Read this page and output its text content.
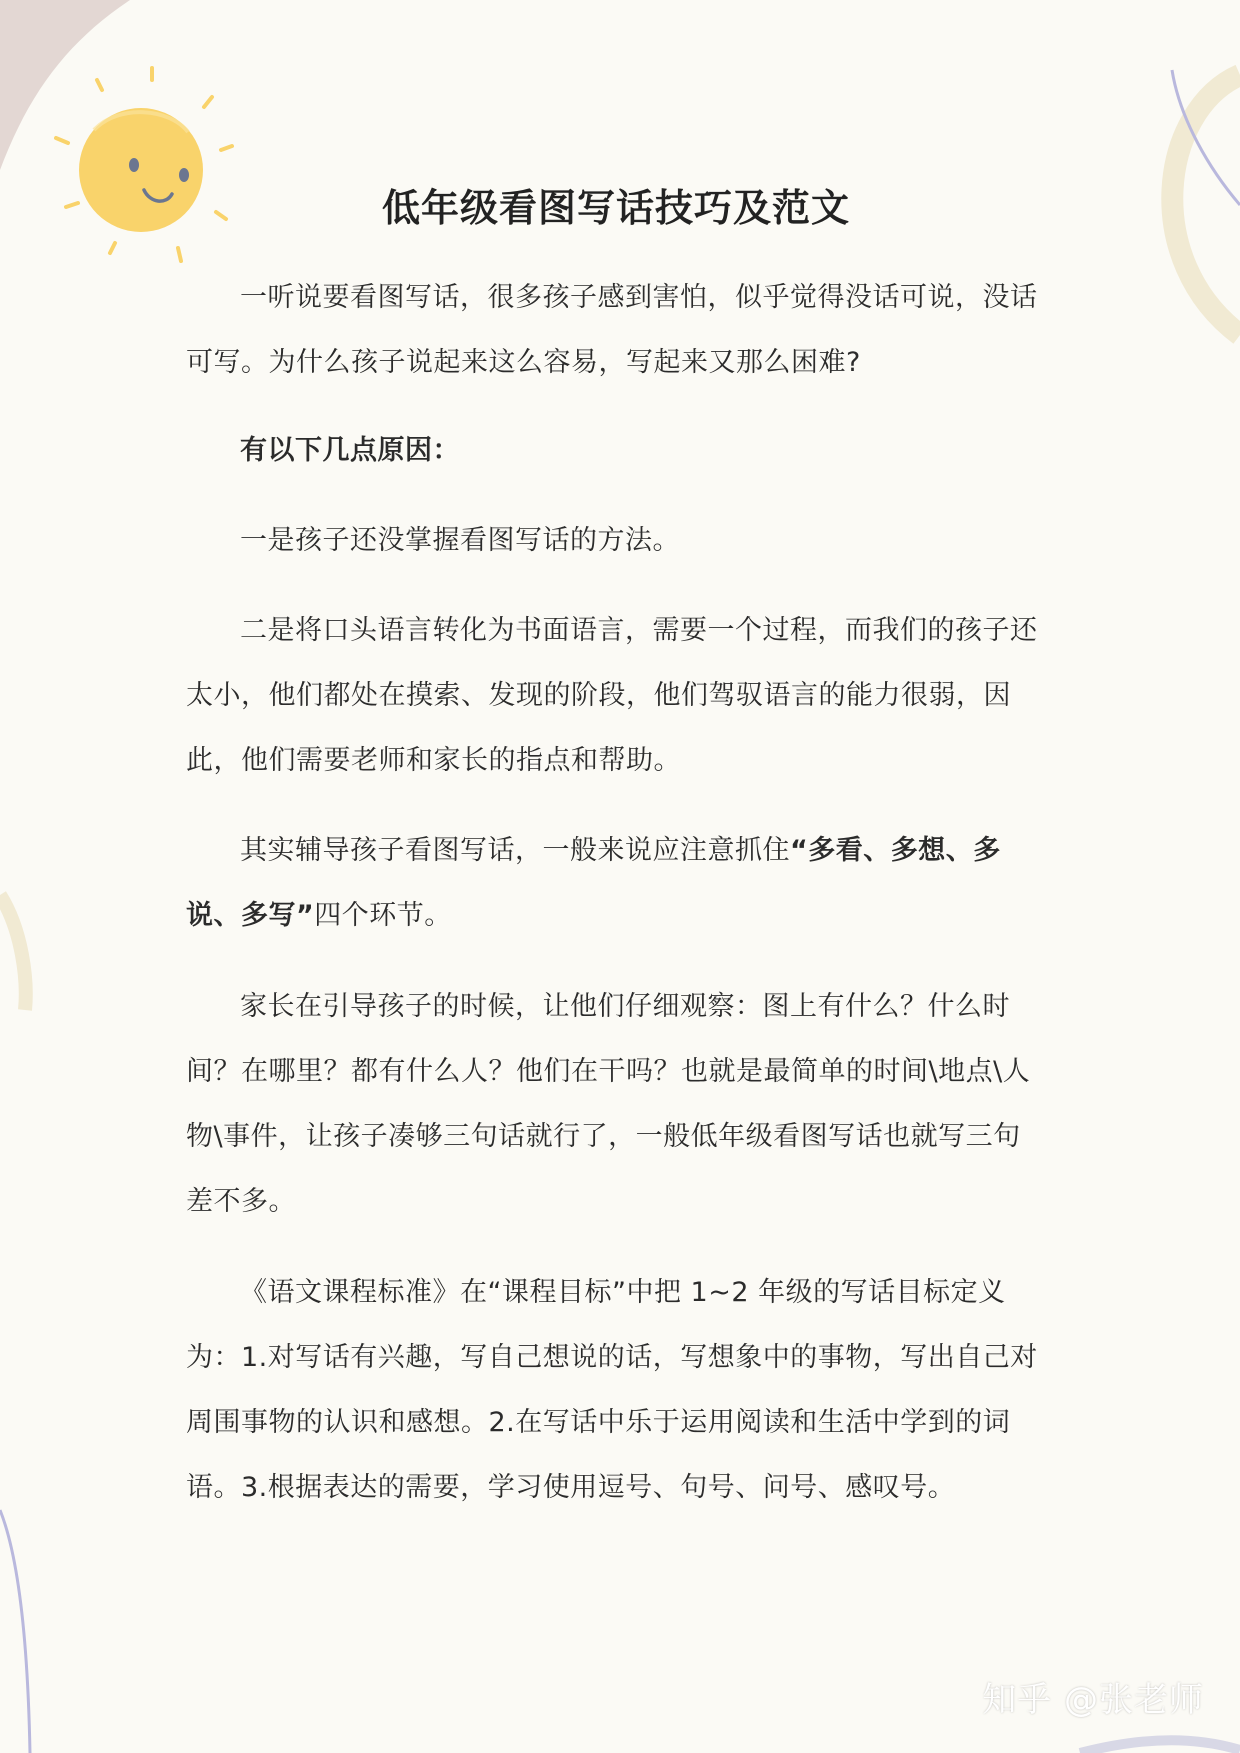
低年级看图写话技巧及范文

一听说要看图写话，很多孩子感到害怕，似乎觉得没话可说，没话可写。为什么孩子说起来这么容易，写起来又那么困难?

有以下几点原因：

一是孩子还没掌握看图写话的方法。

二是将口头语言转化为书面语言，需要一个过程，而我们的孩子还太小，他们都处在摸索、发现的阶段，他们驾驭语言的能力很弱，因此，他们需要老师和家长的指点和帮助。

其实辅导孩子看图写话，一般来说应注意抓住“多看、多想、多说、多写”四个环节。

家长在引导孩子的时候，让他们仔细观察：图上有什么？什么时间？在哪里？都有什么人？他们在干吗？也就是最简单的时间\地点\人物\事件，让孩子凑够三句话就行了，一般低年级看图写话也就写三句差不多。

《语文课程标准》在“课程目标”中把 1~2 年级的写话目标定义为：1.对写话有兴趣，写自己想说的话，写想象中的事物，写出自己对周围事物的认识和感想。2.在写话中乐于运用阅读和生活中学到的词语。3.根据表达的需要，学习使用逗号、句号、问号、感叹号。

知乎 @张老师
